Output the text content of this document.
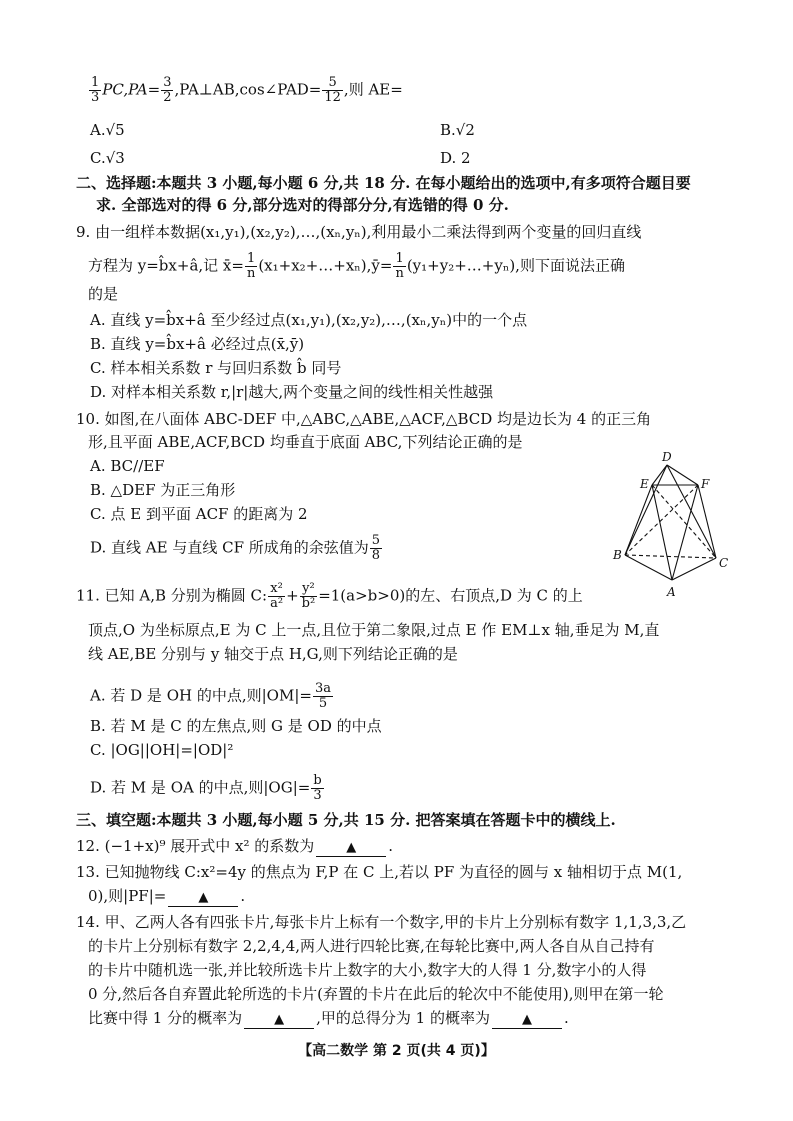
$\frac{1}{3} PC,PA= \frac{3}{2}$ ,PA⊥AB,cos∠PAD= $\frac{5}{12}$ ,则 AE=
A.√5	B.√2
C.√3	D. 2
二、选择题:本题共 3 小题,每小题 6 分,共 18 分. 在每小题给出的选项中,有多项符合题目要
求. 全部选对的得 6 分,部分选对的得部分分,有选错的得 0 分.
9. 由一组样本数据(x₁,y₁),(x₂,y₂),…,(xₙ,yₙ),利用最小二乘法得到两个变量的回归直线
方程为 y=b̂x+â,记 x̄= $\frac{1}{n}$ (x₁+x₂+…+xₙ),ȳ= $\frac{1}{n}$ (y₁+y₂+…+yₙ),则下面说法正确
的是
A. 直线 y=b̂x+â 至少经过点(x₁,y₁),(x₂,y₂),…,(xₙ,yₙ)中的一个点
B. 直线 y=b̂x+â 必经过点(x̄,ȳ)
C. 样本相关系数 r 与回归系数 b̂ 同号
D. 对样本相关系数 r,|r|越大,两个变量之间的线性相关性越强
10. 如图,在八面体 ABC-DEF 中,△ABC,△ABE,△ACF,△BCD 均是边长为 4 的正三角
形,且平面 ABE,ACF,BCD 均垂直于底面 ABC,下列结论正确的是
A. BC//EF
B. △DEF 为正三角形
C. 点 E 到平面 ACF 的距离为 2
D. 直线 AE 与直线 CF 所成角的余弦值为 $\frac{5}{8}$
D
E	F
B
C
A
11. 已知 A,B 分别为椭圆 C: $\frac{\text{x²}}{\text{a²}} + \frac{\text{y²}}{\text{b²}} =1(a>b>0)$的左、右顶点,D 为 C 的上
顶点,O 为坐标原点,E 为 C 上一点,且位于第二象限,过点 E 作 EM⊥x 轴,垂足为 M,直
线 AE,BE 分别与 y 轴交于点 H,G,则下列结论正确的是
A. 若 D 是 OH 的中点,则$|OM|= \frac{3a}{5}$
B. 若 M 是 C 的左焦点,则 G 是 OD 的中点
C. |OG||OH|=|OD|²
D. 若 M 是 OA 的中点,则$|OG|= \frac{b}{3}$
三、填空题:本题共 3 小题,每小题 5 分,共 15 分. 把答案填在答题卡中的横线上.
12. (−1+x)⁹ 展开式中 x² 的系数为 ▲ .
13. 已知抛物线 C:x²=4y 的焦点为 F,P 在 C 上,若以 PF 为直径的圆与 x 轴相切于点 M(1,
0),则|PF|= ▲ .
14. 甲、乙两人各有四张卡片,每张卡片上标有一个数字,甲的卡片上分别标有数字 1,1,3,3,乙
的卡片上分别标有数字 2,2,4,4,两人进行四轮比赛,在每轮比赛中,两人各自从自己持有
的卡片中随机选一张,并比较所选卡片上数字的大小,数字大的人得 1 分,数字小的人得
0 分,然后各自弃置此轮所选的卡片(弃置的卡片在此后的轮次中不能使用),则甲在第一轮
比赛中得 1 分的概率为 ▲ ,甲的总得分为 1 的概率为 ▲ .
【高二数学 第 2 页(共 4 页)】
